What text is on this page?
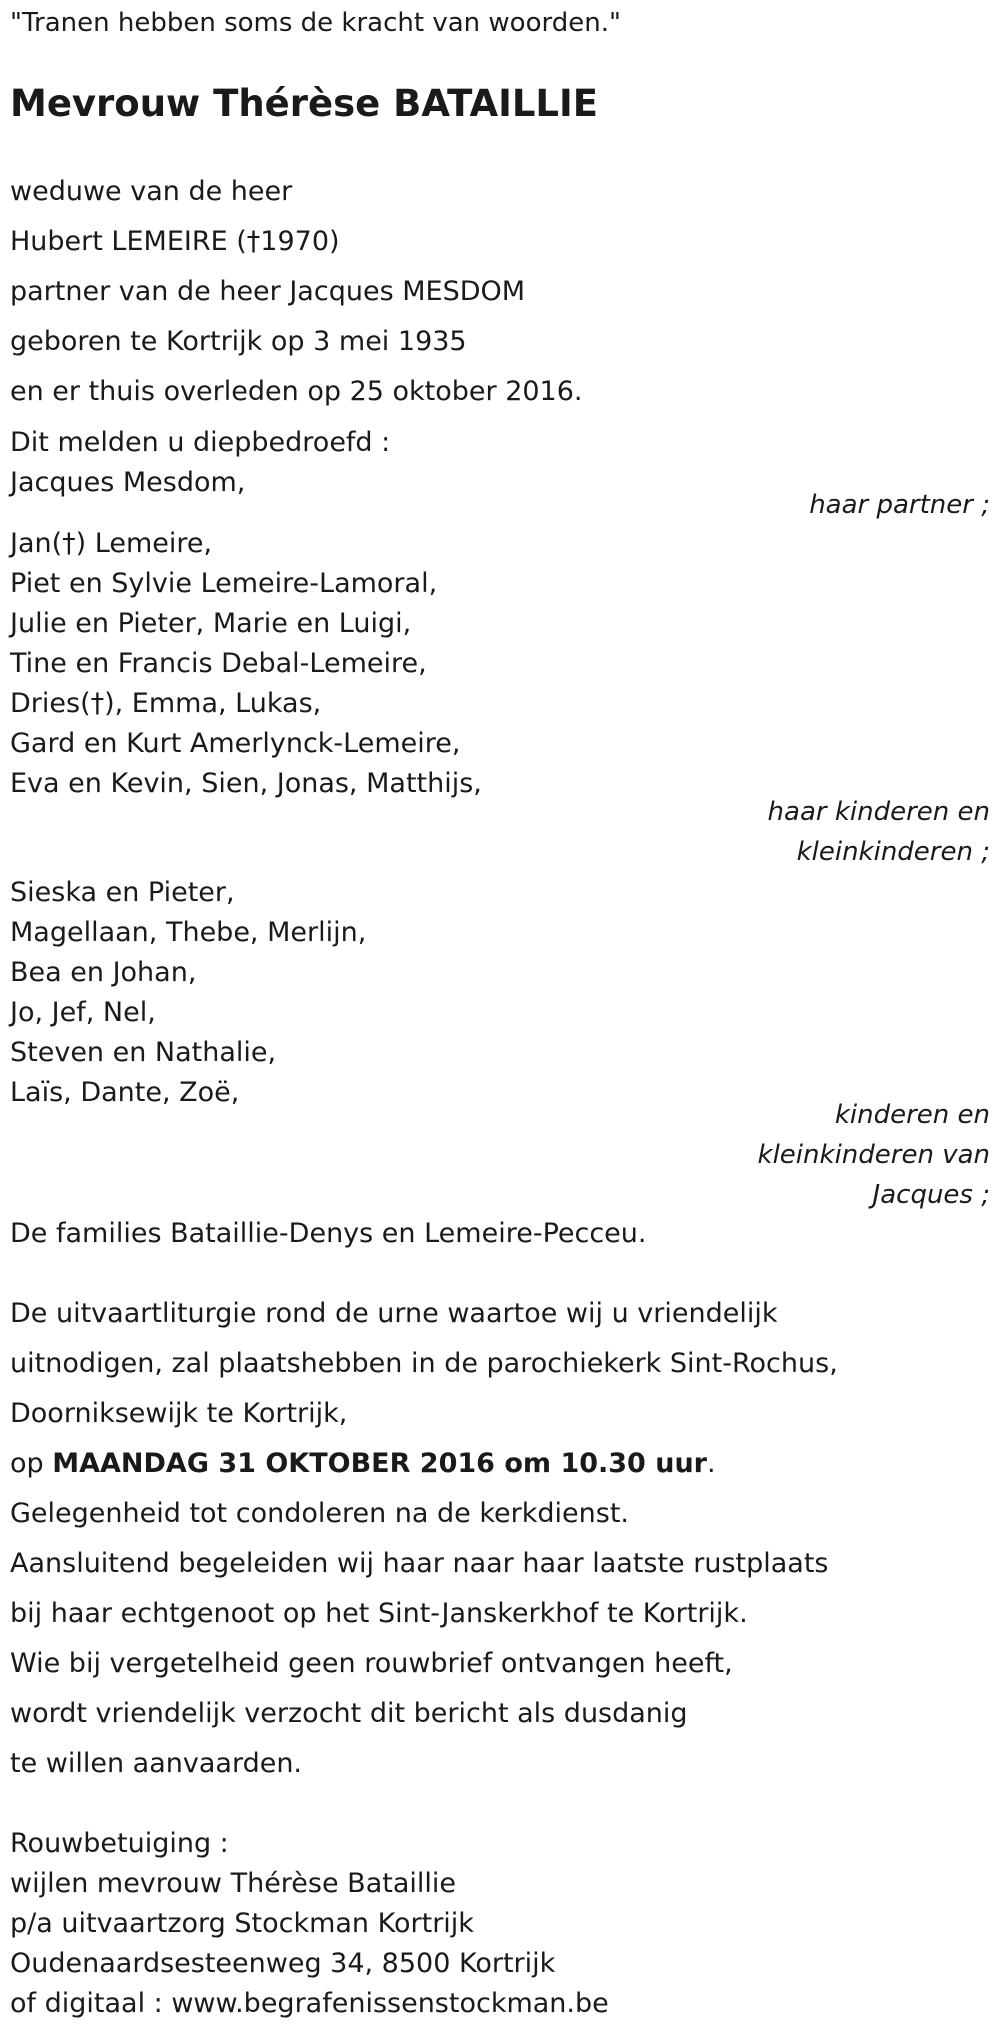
"Tranen hebben soms de kracht van woorden."
Mevrouw Thérèse BATAILLIE
weduwe van de heer
Hubert LEMEIRE (†1970)
partner van de heer Jacques MESDOM
geboren te Kortrijk op 3 mei 1935
en er thuis overleden op 25 oktober 2016.
Dit melden u diepbedroefd :
Jacques Mesdom,
haar partner ;
Jan(†) Lemeire,
Piet en Sylvie Lemeire-Lamoral,
Julie en Pieter, Marie en Luigi,
Tine en Francis Debal-Lemeire,
Dries(†), Emma, Lukas,
Gard en Kurt Amerlynck-Lemeire,
Eva en Kevin, Sien, Jonas, Matthijs,
haar kinderen en
kleinkinderen ;
Sieska en Pieter,
Magellaan, Thebe, Merlijn,
Bea en Johan,
Jo, Jef, Nel,
Steven en Nathalie,
Laïs, Dante, Zoë,
kinderen en
kleinkinderen van
Jacques ;
De families Bataillie-Denys en Lemeire-Pecceu.
De uitvaartliturgie rond de urne waartoe wij u vriendelijk
uitnodigen, zal plaatshebben in de parochiekerk Sint-Rochus,
Doorniksewijk te Kortrijk,
op MAANDAG 31 OKTOBER 2016 om 10.30 uur.
Gelegenheid tot condoleren na de kerkdienst.
Aansluitend begeleiden wij haar naar haar laatste rustplaats
bij haar echtgenoot op het Sint-Janskerkhof te Kortrijk.
Wie bij vergetelheid geen rouwbrief ontvangen heeft,
wordt vriendelijk verzocht dit bericht als dusdanig
te willen aanvaarden.
Rouwbetuiging :
wijlen mevrouw Thérèse Bataillie
p/a uitvaartzorg Stockman Kortrijk
Oudenaardsesteenweg 34, 8500 Kortrijk
of digitaal : www.begrafenissenstockman.be
